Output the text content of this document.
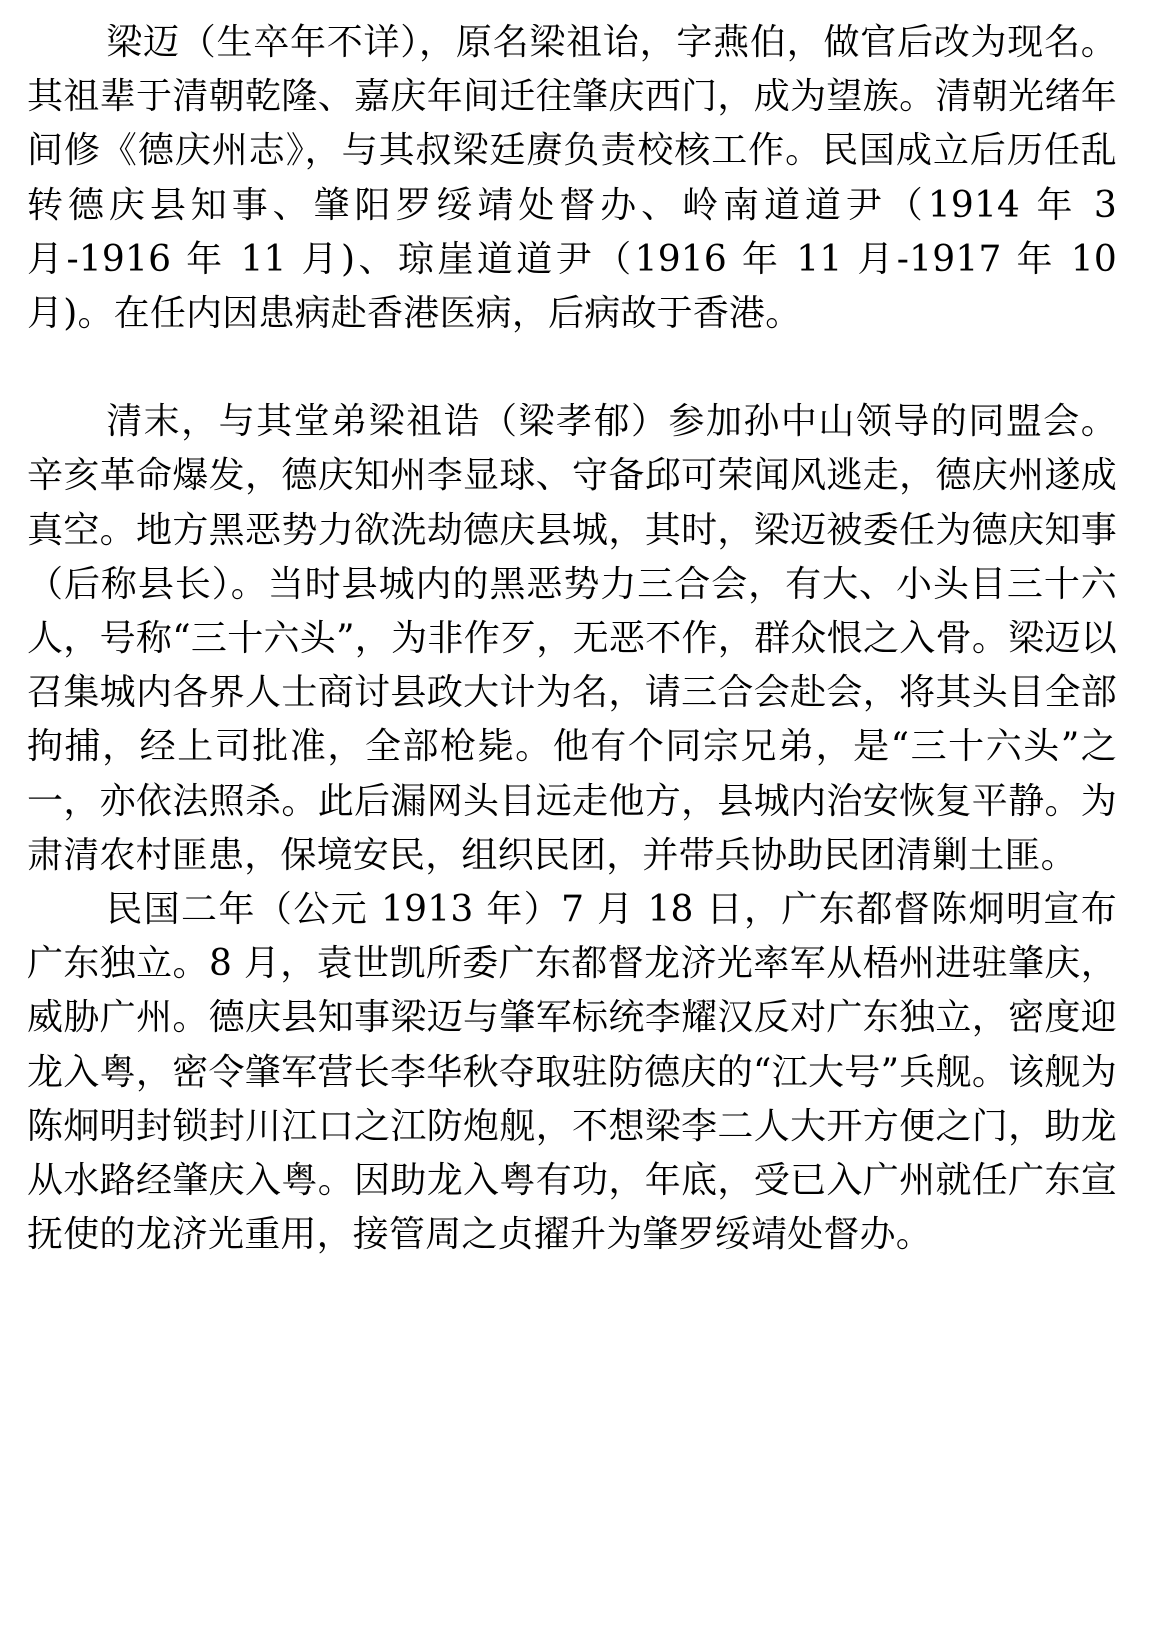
梁迈（生卒年不详），原名梁祖诒，字燕伯，做官后改为现名。其祖辈于清朝乾隆、嘉庆年间迁往肇庆西门，成为望族。清朝光绪年间修《德庆州志》，与其叔梁廷赓负责校核工作。民国成立后历任乱转德庆县知事、肇阳罗绥靖处督办、岭南道道尹（1914 年 3 月-1916 年 11 月)、琼崖道道尹（1916 年 11 月-1917 年 10 月)。在任内因患病赴香港医病，后病故于香港。

清末，与其堂弟梁祖诰（梁孝郁）参加孙中山领导的同盟会。辛亥革命爆发，德庆知州李显球、守备邱可荣闻风逃走，德庆州遂成真空。地方黑恶势力欲洗劫德庆县城，其时，梁迈被委任为德庆知事（后称县长）。当时县城内的黑恶势力三合会，有大、小头目三十六人，号称“三十六头”，为非作歹，无恶不作，群众恨之入骨。梁迈以召集城内各界人士商讨县政大计为名，请三合会赴会，将其头目全部拘捕，经上司批准，全部枪毙。他有个同宗兄弟，是“三十六头”之一，亦依法照杀。此后漏网头目远走他方，县城内治安恢复平静。为肃清农村匪患，保境安民，组织民团，并带兵协助民团清剿土匪。

民国二年（公元 1913 年）7 月 18 日，广东都督陈炯明宣布广东独立。8 月，袁世凯所委广东都督龙济光率军从梧州进驻肇庆，威胁广州。德庆县知事梁迈与肇军标统李耀汉反对广东独立，密度迎龙入粤，密令肇军营长李华秋夺取驻防德庆的“江大号”兵舰。该舰为陈炯明封锁封川江口之江防炮舰，不想梁李二人大开方便之门，助龙从水路经肇庆入粤。因助龙入粤有功，年底，受已入广州就任广东宣抚使的龙济光重用，接管周之贞擢升为肇罗绥靖处督办。
